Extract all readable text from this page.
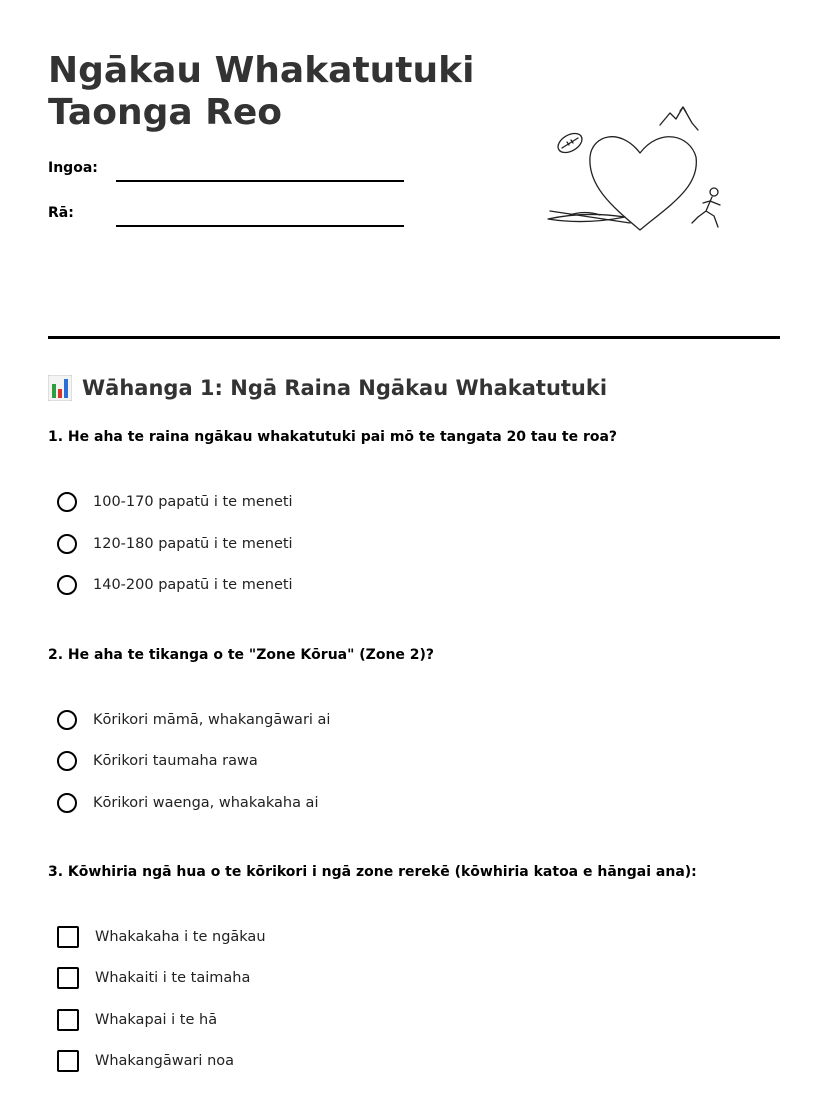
Ngākau Whakatutuki
Taonga Reo
Ingoa:
Rā:
Wāhanga 1: Ngā Raina Ngākau Whakatutuki

1. He aha te raina ngākau whakatutuki pai mō te tangata 20 tau te roa?

100-170 papatū i te meneti
120-180 papatū i te meneti
140-200 papatū i te meneti

2. He aha te tikanga o te "Zone Kōrua" (Zone 2)?

Kōrikori māmā, whakangāwari ai
Kōrikori taumaha rawa
Kōrikori waenga, whakakaha ai

3. Kōwhiria ngā hua o te kōrikori i ngā zone rerekē (kōwhiria katoa e hāngai ana):

Whakakaha i te ngākau
Whakaiti i te taimaha
Whakapai i te hā
Whakangāwari noa
